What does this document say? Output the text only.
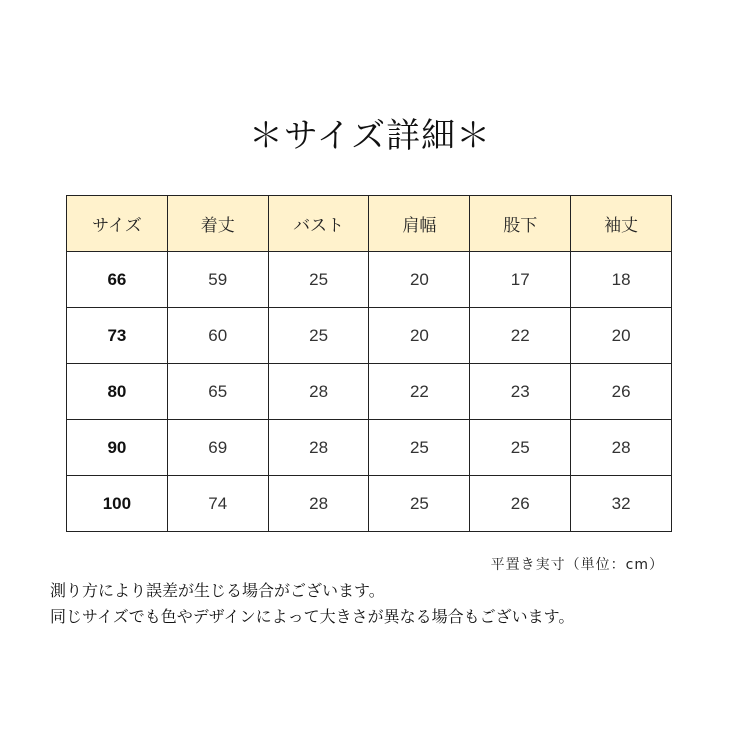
＊サイズ詳細＊
サイズ	着丈	バスト	肩幅	股下	袖丈
66	59	25	20	17	18
73	60	25	20	22	20
80	65	28	22	23	26
90	69	28	25	25	28
100	74	28	25	26	32
平置き実寸（単位：cm）
測り方により誤差が生じる場合がございます。
同じサイズでも色やデザインによって大きさが異なる場合もございます。
